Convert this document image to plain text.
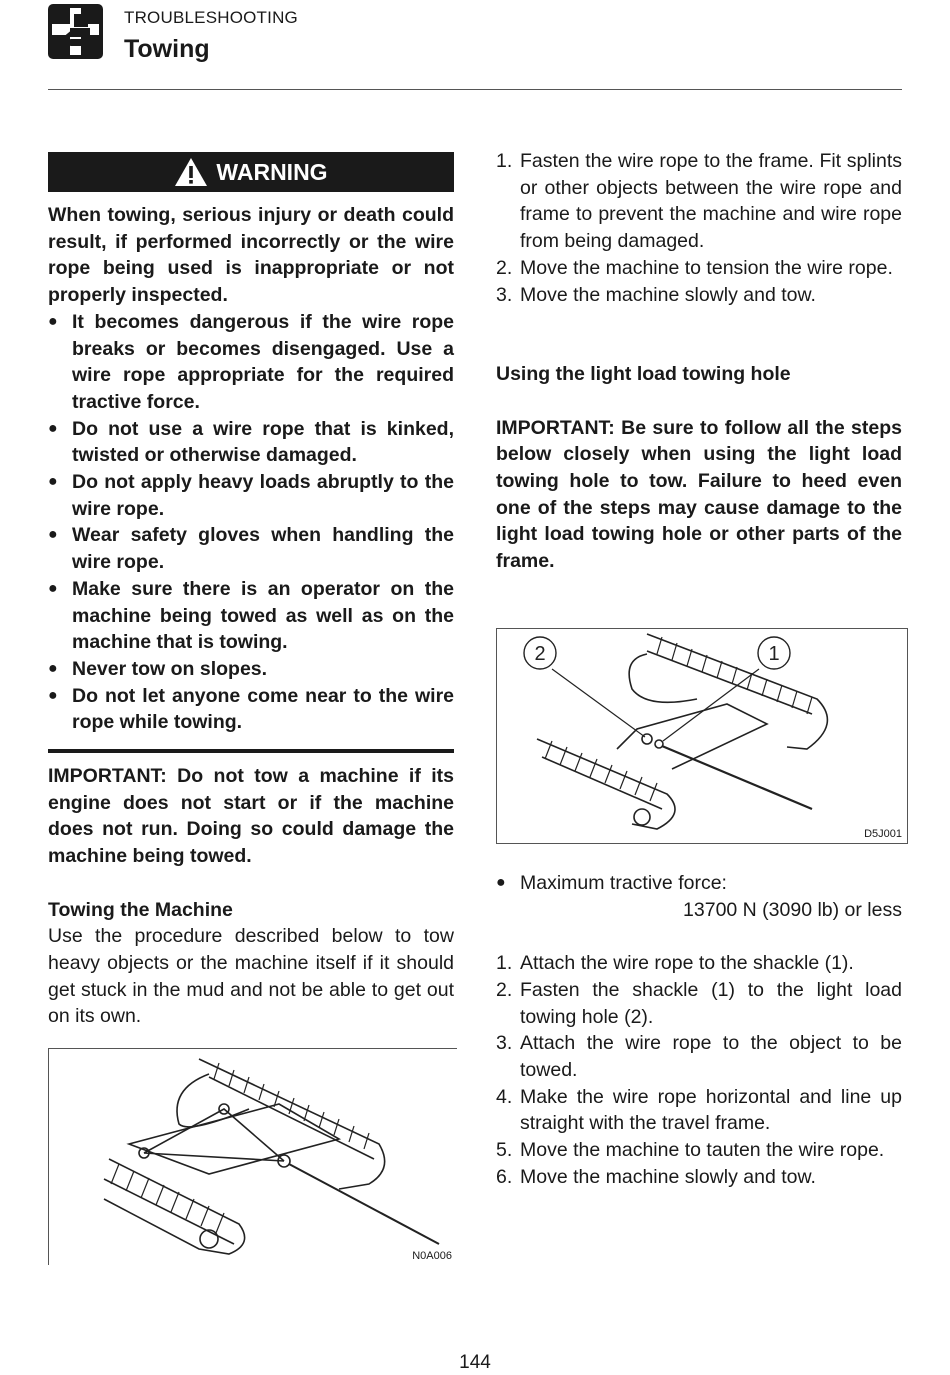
TROUBLESHOOTING
Towing
WARNING
When towing, serious injury or death could result, if performed incorrectly or the wire rope being used is inappropriate or not properly inspected.
● It becomes dangerous if the wire rope breaks or becomes disengaged. Use a wire rope appropriate for the required tractive force.
● Do not use a wire rope that is kinked, twisted or otherwise damaged.
● Do not apply heavy loads abruptly to the wire rope.
● Wear safety gloves when handling the wire rope.
● Make sure there is an operator on the machine being towed as well as on the machine that is towing.
● Never tow on slopes.
● Do not let anyone come near to the wire rope while towing.
IMPORTANT: Do not tow a machine if its engine does not start or if the machine does not run. Doing so could damage the machine being towed.
Towing the Machine
Use the procedure described below to tow heavy objects or the machine itself if it should get stuck in the mud and not be able to get out on its own.
N0A006
1. Fasten the wire rope to the frame. Fit splints or other objects between the wire rope and frame to prevent the machine and wire rope from being damaged.
2. Move the machine to tension the wire rope.
3. Move the machine slowly and tow.
Using the light load towing hole
IMPORTANT: Be sure to follow all the steps below closely when using the light load towing hole to tow. Failure to heed even one of the steps may cause damage to the light load towing hole or other parts of the frame.
2	1
D5J001
● Maximum tractive force:
13700 N (3090 lb) or less
1. Attach the wire rope to the shackle (1).
2. Fasten the shackle (1) to the light load towing hole (2).
3. Attach the wire rope to the object to be towed.
4. Make the wire rope horizontal and line up straight with the travel frame.
5. Move the machine to tauten the wire rope.
6. Move the machine slowly and tow.
144
